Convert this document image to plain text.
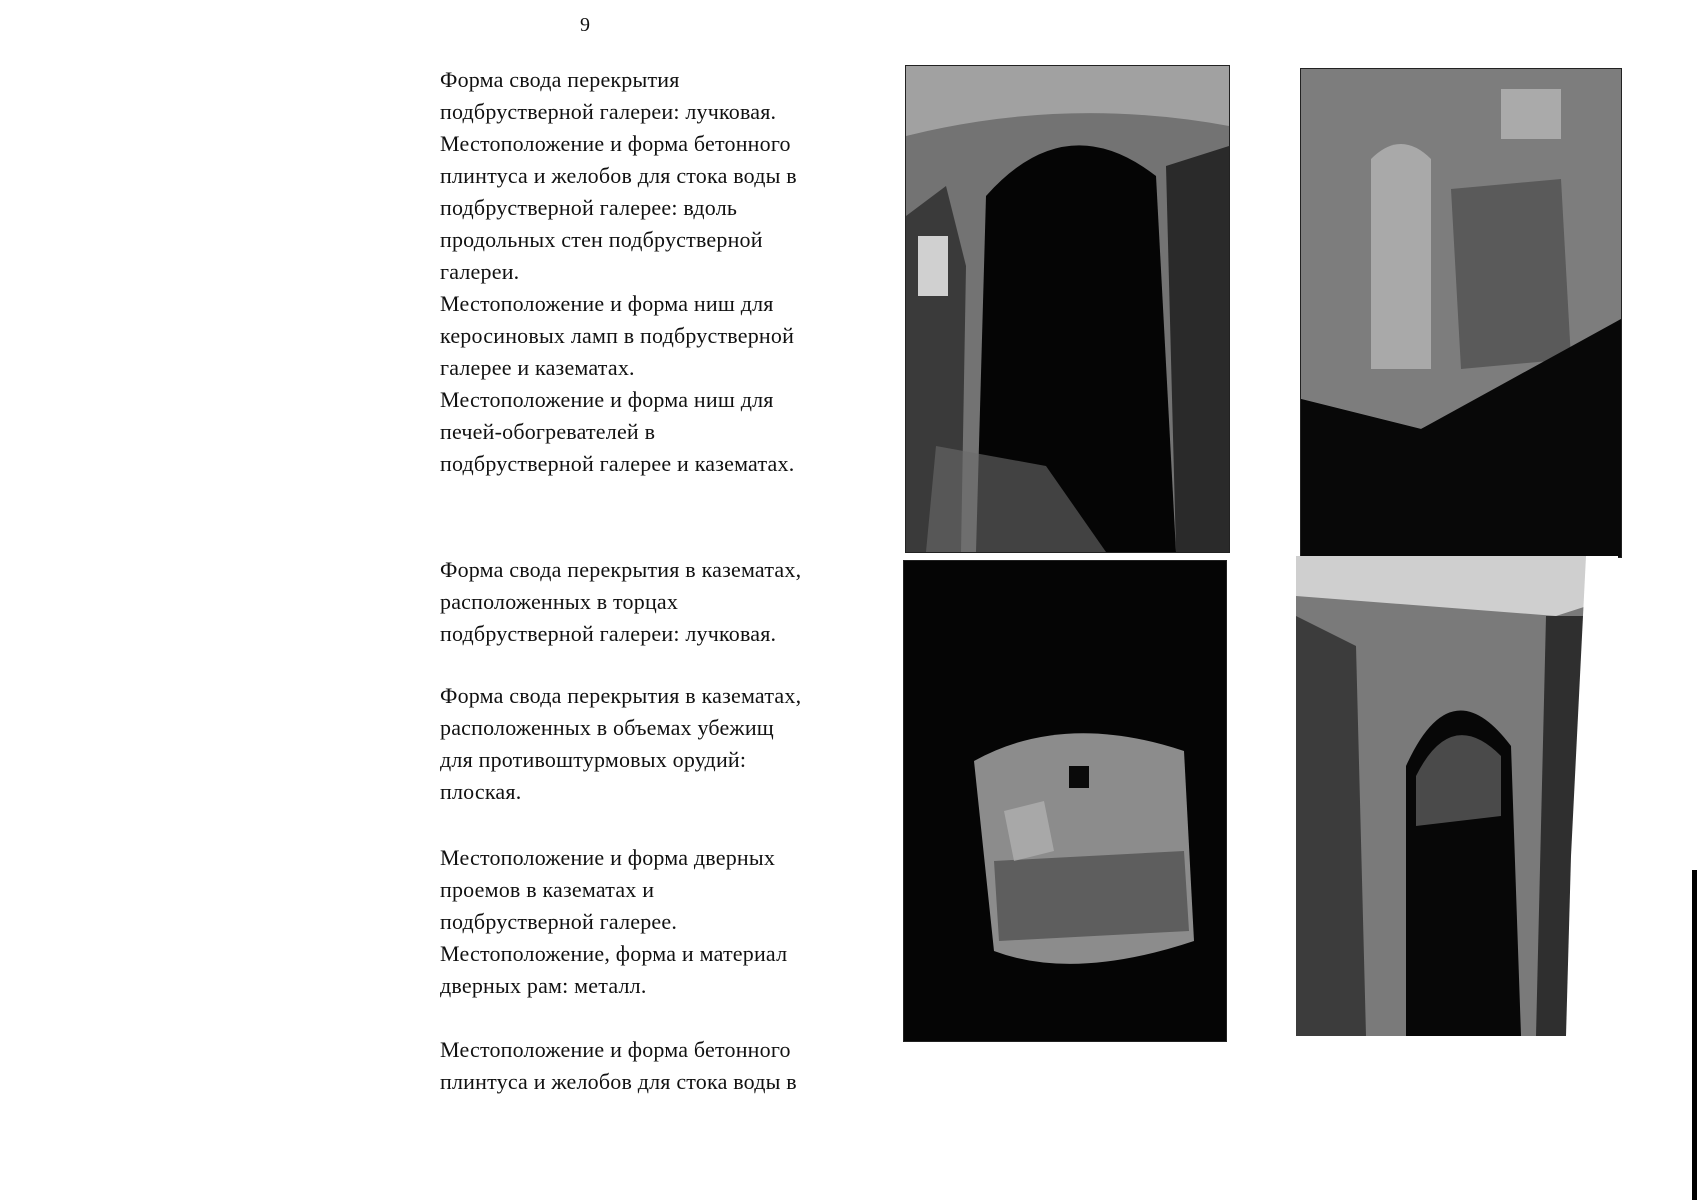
9

Форма свода перекрытия

подбрустверной галереи: лучковая.

Местоположение и форма бетонного

плинтуса и желобов для стока воды в

подбрустверной галерее: вдоль

продольных стен подбрустверной

галереи.

Местоположение и форма ниш для

керосиновых ламп в подбрустверной

галерее и казематах.

Местоположение и форма ниш для

печей-обогревателей в

подбрустверной галерее и казематах.

Форма свода перекрытия в казематах,

расположенных в торцах

подбрустверной галереи: лучковая.

Форма свода перекрытия в казематах,

расположенных в объемах убежищ

для противоштурмовых орудий:

плоская.

Местоположение и форма дверных

проемов в казематах и

подбрустверной галерее.

Местоположение, форма и материал

дверных рам: металл.

Местоположение и форма бетонного

плинтуса и желобов для стока воды в
